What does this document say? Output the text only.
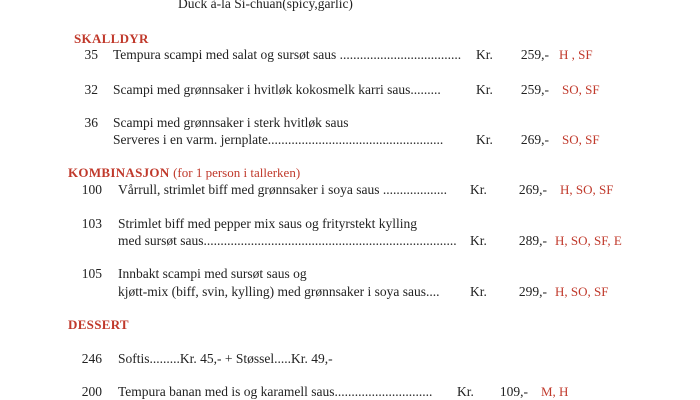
Duck à-la Si-chuan(spicy,garlic)
SKALLDYR
35 Tempura scampi med salat og sursøt saus .................................... Kr.	259,- H , SF
32 Scampi med grønnsaker i hvitløk kokosmelk karri saus.........	Kr.	259,- SO, SF
36 Scampi med grønnsaker i sterk hvitløk saus
Serveres i en varm. jernplate.................................................... Kr.	269,- SO, SF
KOMBINASJON (for 1 person i tallerken)
100 Vårrull, strimlet biff med grønnsaker i soya saus ................... Kr.	269,- H, SO, SF
103 Strimlet biff med pepper mix saus og frityrstekt kylling
med sursøt saus........................................................................... Kr.	289,- H, SO, SF, E
105 Innbakt scampi med sursøt saus og
kjøtt-mix (biff, svin, kylling) med grønnsaker i soya saus.... Kr.	299,- H, SO, SF
DESSERT
246 Softis.........Kr. 45,- + Støssel.....Kr. 49,-
200 Tempura banan med is og karamell saus............................. Kr.	109,- M, H
